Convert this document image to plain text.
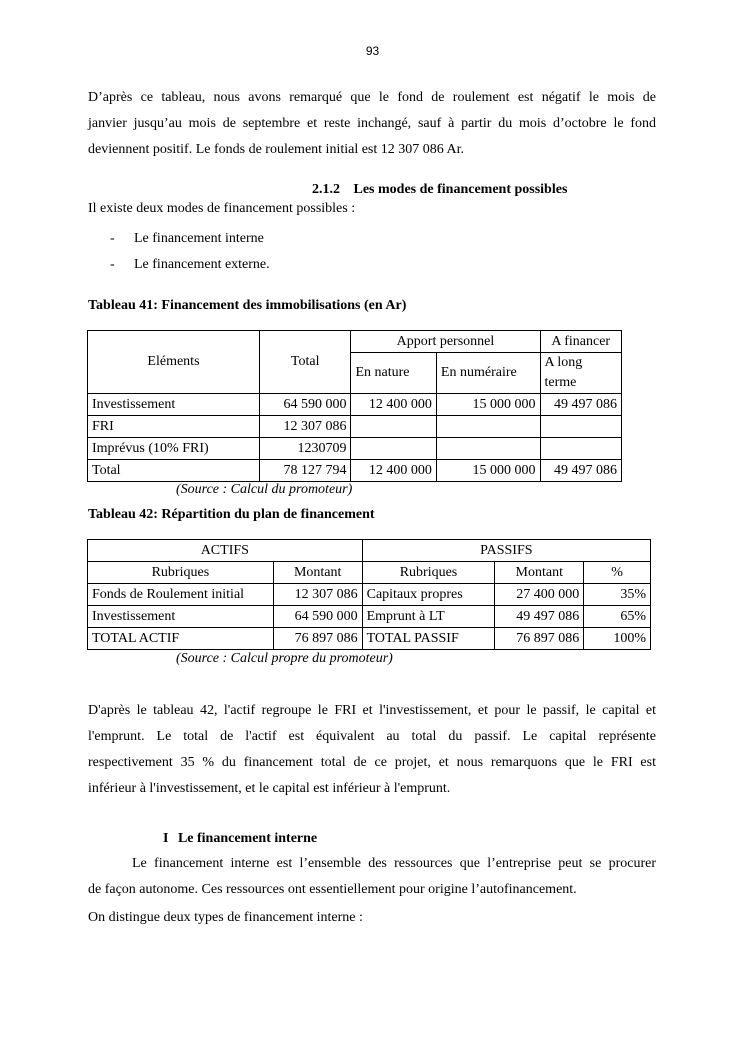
93

D’après ce tableau, nous avons remarqué que le fond de roulement est négatif le mois de
janvier jusqu’au mois de septembre et reste inchangé, sauf à partir du mois d’octobre le fond
deviennent positif. Le fonds de roulement initial est 12 307 086 Ar.

2.1.2 Les modes de financement possibles
Il existe deux modes de financement possibles :
- Le financement interne
- Le financement externe.
Tableau 41: Financement des immobilisations (en Ar)
Eléments	Total	Apport personnel		A financer
		En nature	En numéraire	A long terme
Investissement	64 590 000	12 400 000	15 000 000	49 497 086
FRI	12 307 086			
Imprévus (10% FRI)	1230709			
Total	78 127 794	12 400 000	15 000 000	49 497 086
(Source : Calcul du promoteur)
Tableau 42: Répartition du plan de financement
ACTIFS		PASSIFS		
Rubriques	Montant	Rubriques	Montant	%
Fonds de Roulement initial	12 307 086	Capitaux propres	27 400 000	35%
Investissement	64 590 000	Emprunt à LT	49 497 086	65%
TOTAL ACTIF	76 897 086	TOTAL PASSIF	76 897 086	100%
(Source : Calcul propre du promoteur)

D'après le tableau 42, l'actif regroupe le FRI et l'investissement, et pour le passif, le capital et
l'emprunt. Le total de l'actif est équivalent au total du passif. Le capital représente
respectivement 35 % du financement total de ce projet, et nous remarquons que le FRI est
inférieur à l'investissement, et le capital est inférieur à l'emprunt.

I Le financement interne

Le financement interne est l’ensemble des ressources que l’entreprise peut se procurer
de façon autonome. Ces ressources ont essentiellement pour origine l’autofinancement.

On distingue deux types de financement interne :
